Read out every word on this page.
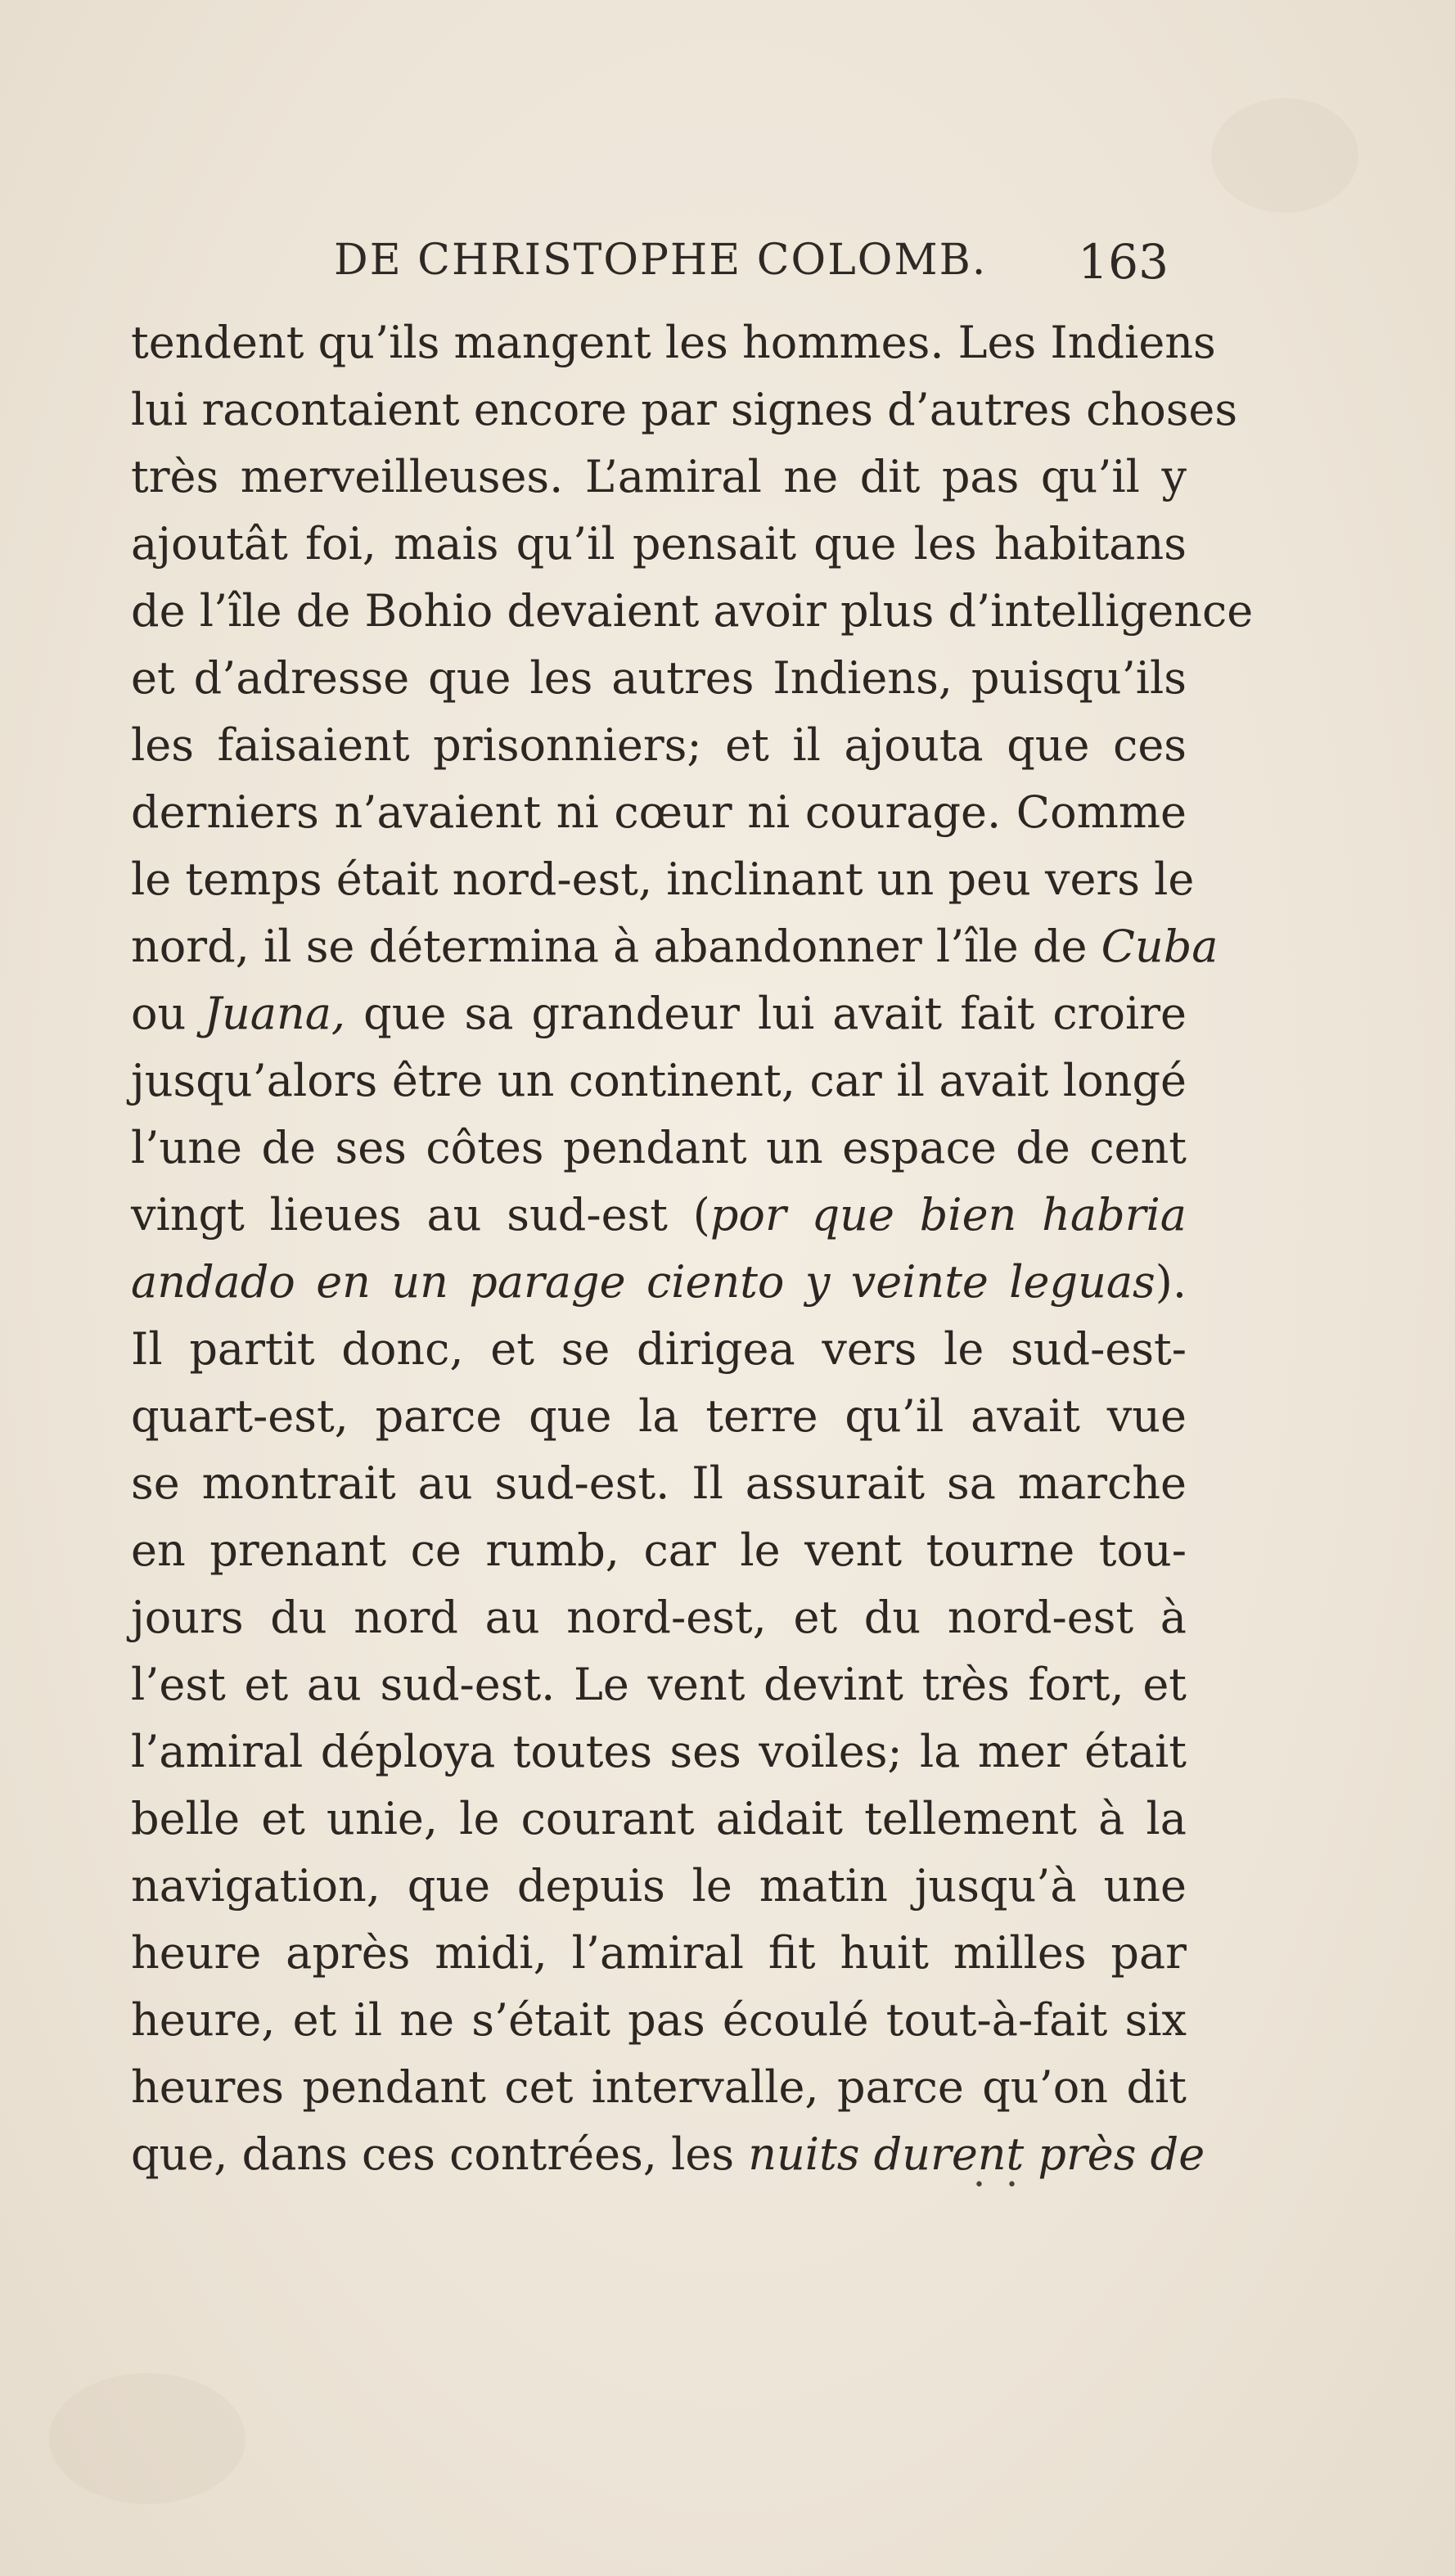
DE CHRISTOPHE COLOMB. 163
tendent qu’ils mangent les hommes. Les Indiens
lui racontaient encore par signes d’autres choses
très merveilleuses. L’amiral ne dit pas qu’il y
ajoutât foi, mais qu’il pensait que les habitans
de l’île de Bohio devaient avoir plus d’intelligence
et d’adresse que les autres Indiens, puisqu’ils
les faisaient prisonniers; et il ajouta que ces
derniers n’avaient ni cœur ni courage. Comme
le temps était nord-est, inclinant un peu vers le
nord, il se détermina à abandonner l’île de Cuba
ou Juana, que sa grandeur lui avait fait croire
jusqu’alors être un continent, car il avait longé
l’une de ses côtes pendant un espace de cent
vingt lieues au sud-est (por que bien habria
andado en un parage ciento y veinte leguas).
Il partit donc, et se dirigea vers le sud-est-
quart-est, parce que la terre qu’il avait vue
se montrait au sud-est. Il assurait sa marche
en prenant ce rumb, car le vent tourne tou-
jours du nord au nord-est, et du nord-est à
l’est et au sud-est. Le vent devint très fort, et
l’amiral déploya toutes ses voiles; la mer était
belle et unie, le courant aidait tellement à la
navigation, que depuis le matin jusqu’à une
heure après midi, l’amiral fit huit milles par
heure, et il ne s’était pas écoulé tout-à-fait six
heures pendant cet intervalle, parce qu’on dit
que, dans ces contrées, les nuits durent près de
• •
